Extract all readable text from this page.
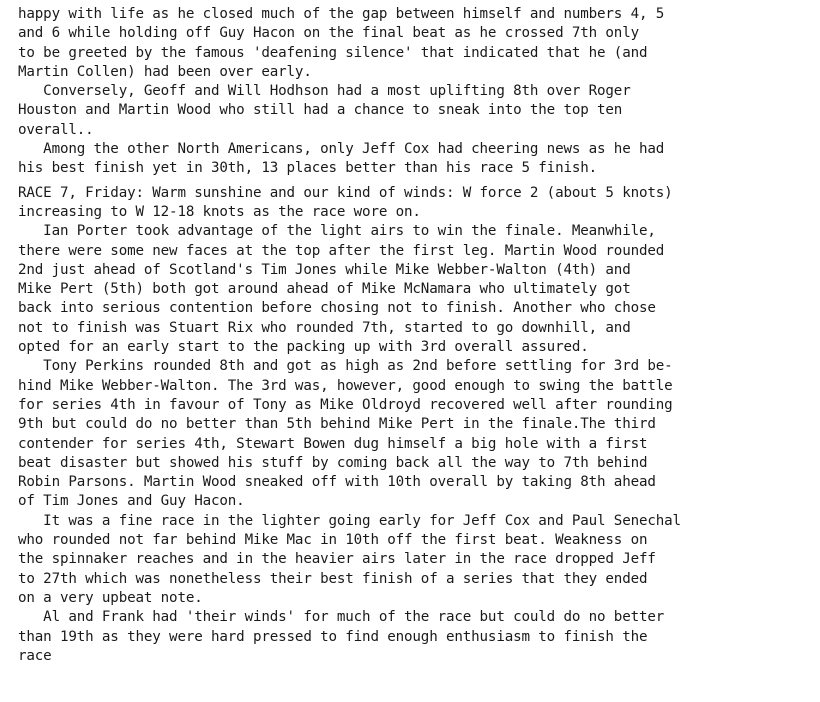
happy with life as he closed much of the gap between himself and numbers 4, 5
and 6 while holding off Guy Hacon on the final beat as he crossed 7th only
to be greeted by the famous 'deafening silence' that indicated that he (and
Martin Collen) had been over early.
Conversely, Geoff and Will Hodhson had a most uplifting 8th over Roger
Houston and Martin Wood who still had a chance to sneak into the top ten
overall..
Among the other North Americans, only Jeff Cox had cheering news as he had
his best finish yet in 30th, 13 places better than his race 5 finish.
RACE 7, Friday: Warm sunshine and our kind of winds: W force 2 (about 5 knots)
increasing to W 12-18 knots as the race wore on.
Ian Porter took advantage of the light airs to win the finale. Meanwhile,
there were some new faces at the top after the first leg. Martin Wood rounded
2nd just ahead of Scotland's Tim Jones while Mike Webber-Walton (4th) and
Mike Pert (5th) both got around ahead of Mike McNamara who ultimately got
back into serious contention before chosing not to finish. Another who chose
not to finish was Stuart Rix who rounded 7th, started to go downhill, and
opted for an early start to the packing up with 3rd overall assured.
Tony Perkins rounded 8th and got as high as 2nd before settling for 3rd be-
hind Mike Webber-Walton. The 3rd was, however, good enough to swing the battle
for series 4th in favour of Tony as Mike Oldroyd recovered well after rounding
9th but could do no better than 5th behind Mike Pert in the finale.The third
contender for series 4th, Stewart Bowen dug himself a big hole with a first
beat disaster but showed his stuff by coming back all the way to 7th behind
Robin Parsons. Martin Wood sneaked off with 10th overall by taking 8th ahead
of Tim Jones and Guy Hacon.
It was a fine race in the lighter going early for Jeff Cox and Paul Senechal
who rounded not far behind Mike Mac in 10th off the first beat. Weakness on
the spinnaker reaches and in the heavier airs later in the race dropped Jeff
to 27th which was nonetheless their best finish of a series that they ended
on a very upbeat note.
Al and Frank had 'their winds' for much of the race but could do no better
than 19th as they were hard pressed to find enough enthusiasm to finish the
race
